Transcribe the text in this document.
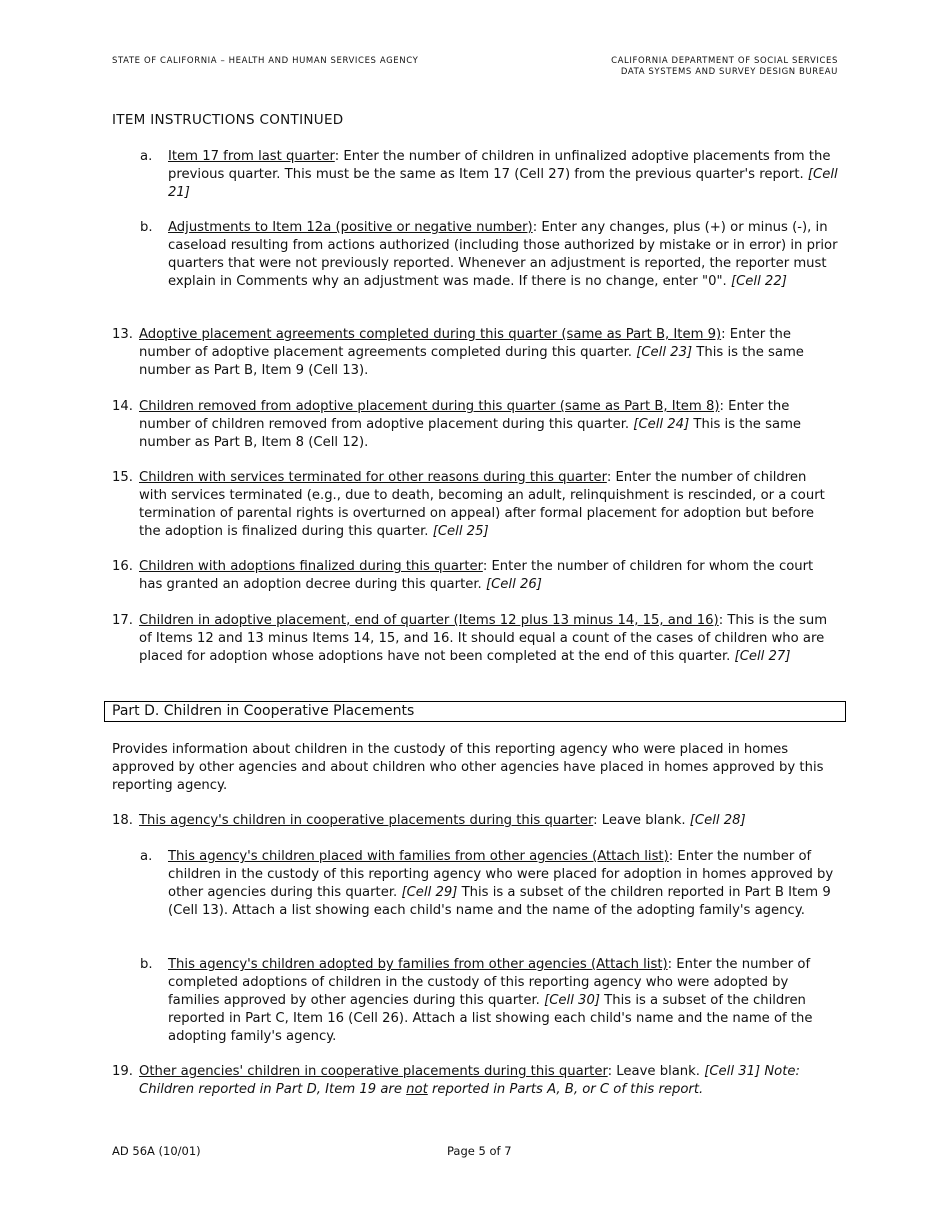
STATE OF CALIFORNIA – HEALTH AND HUMAN SERVICES AGENCY	CALIFORNIA DEPARTMENT OF SOCIAL SERVICES
DATA SYSTEMS AND SURVEY DESIGN BUREAU
ITEM INSTRUCTIONS CONTINUED
a. Item 17 from last quarter: Enter the number of children in unfinalized adoptive placements from the previous quarter. This must be the same as Item 17 (Cell 27) from the previous quarter's report. [Cell 21]
b. Adjustments to Item 12a (positive or negative number): Enter any changes, plus (+) or minus (-), in caseload resulting from actions authorized (including those authorized by mistake or in error) in prior quarters that were not previously reported. Whenever an adjustment is reported, the reporter must explain in Comments why an adjustment was made. If there is no change, enter "0". [Cell 22]
13. Adoptive placement agreements completed during this quarter (same as Part B, Item 9): Enter the number of adoptive placement agreements completed during this quarter. [Cell 23] This is the same number as Part B, Item 9 (Cell 13).
14. Children removed from adoptive placement during this quarter (same as Part B, Item 8): Enter the number of children removed from adoptive placement during this quarter. [Cell 24] This is the same number as Part B, Item 8 (Cell 12).
15. Children with services terminated for other reasons during this quarter: Enter the number of children with services terminated (e.g., due to death, becoming an adult, relinquishment is rescinded, or a court termination of parental rights is overturned on appeal) after formal placement for adoption but before the adoption is finalized during this quarter. [Cell 25]
16. Children with adoptions finalized during this quarter: Enter the number of children for whom the court has granted an adoption decree during this quarter. [Cell 26]
17. Children in adoptive placement, end of quarter (Items 12 plus 13 minus 14, 15, and 16): This is the sum of Items 12 and 13 minus Items 14, 15, and 16. It should equal a count of the cases of children who are placed for adoption whose adoptions have not been completed at the end of this quarter. [Cell 27]
Part D. Children in Cooperative Placements
Provides information about children in the custody of this reporting agency who were placed in homes approved by other agencies and about children who other agencies have placed in homes approved by this reporting agency.
18. This agency's children in cooperative placements during this quarter: Leave blank. [Cell 28]
a. This agency's children placed with families from other agencies (Attach list): Enter the number of children in the custody of this reporting agency who were placed for adoption in homes approved by other agencies during this quarter. [Cell 29] This is a subset of the children reported in Part B Item 9 (Cell 13). Attach a list showing each child's name and the name of the adopting family's agency.
b. This agency's children adopted by families from other agencies (Attach list): Enter the number of completed adoptions of children in the custody of this reporting agency who were adopted by families approved by other agencies during this quarter. [Cell 30] This is a subset of the children reported in Part C, Item 16 (Cell 26). Attach a list showing each child's name and the name of the adopting family's agency.
19. Other agencies' children in cooperative placements during this quarter: Leave blank. [Cell 31] Note: Children reported in Part D, Item 19 are not reported in Parts A, B, or C of this report.
AD 56A (10/01)	Page 5 of 7
